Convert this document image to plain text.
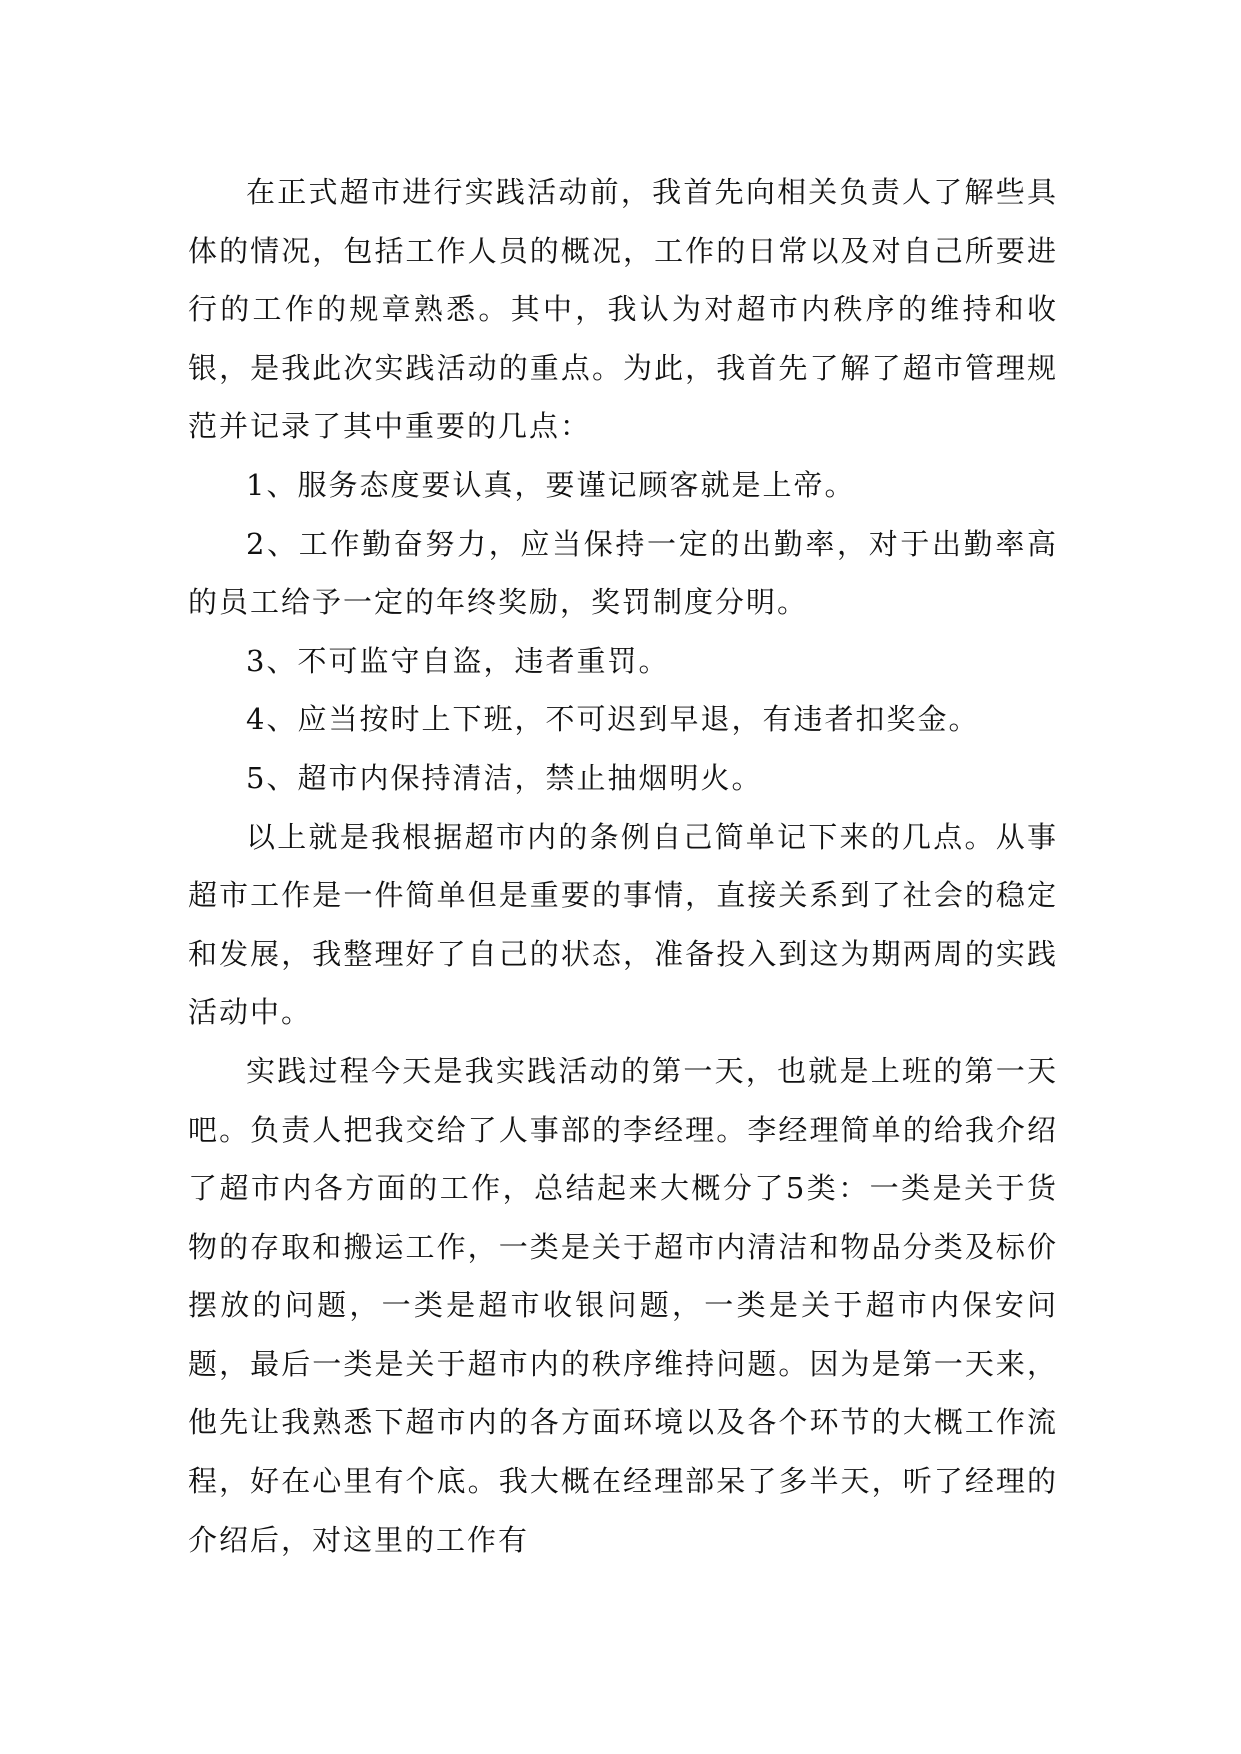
在正式超市进行实践活动前，我首先向相关负责人了解些具体的情况，包括工作人员的概况，工作的日常以及对自己所要进行的工作的规章熟悉。其中，我认为对超市内秩序的维持和收银，是我此次实践活动的重点。为此，我首先了解了超市管理规范并记录了其中重要的几点：

1、服务态度要认真，要谨记顾客就是上帝。

2、工作勤奋努力，应当保持一定的出勤率，对于出勤率高的员工给予一定的年终奖励，奖罚制度分明。

3、不可监守自盗，违者重罚。

4、应当按时上下班，不可迟到早退，有违者扣奖金。

5、超市内保持清洁，禁止抽烟明火。

以上就是我根据超市内的条例自己简单记下来的几点。从事超市工作是一件简单但是重要的事情，直接关系到了社会的稳定和发展，我整理好了自己的状态，准备投入到这为期两周的实践活动中。

实践过程今天是我实践活动的第一天，也就是上班的第一天吧。负责人把我交给了人事部的李经理。李经理简单的给我介绍了超市内各方面的工作，总结起来大概分了5类：一类是关于货物的存取和搬运工作，一类是关于超市内清洁和物品分类及标价摆放的问题，一类是超市收银问题，一类是关于超市内保安问题，最后一类是关于超市内的秩序维持问题。因为是第一天来，他先让我熟悉下超市内的各方面环境以及各个环节的大概工作流程，好在心里有个底。我大概在经理部呆了多半天，听了经理的介绍后，对这里的工作有
